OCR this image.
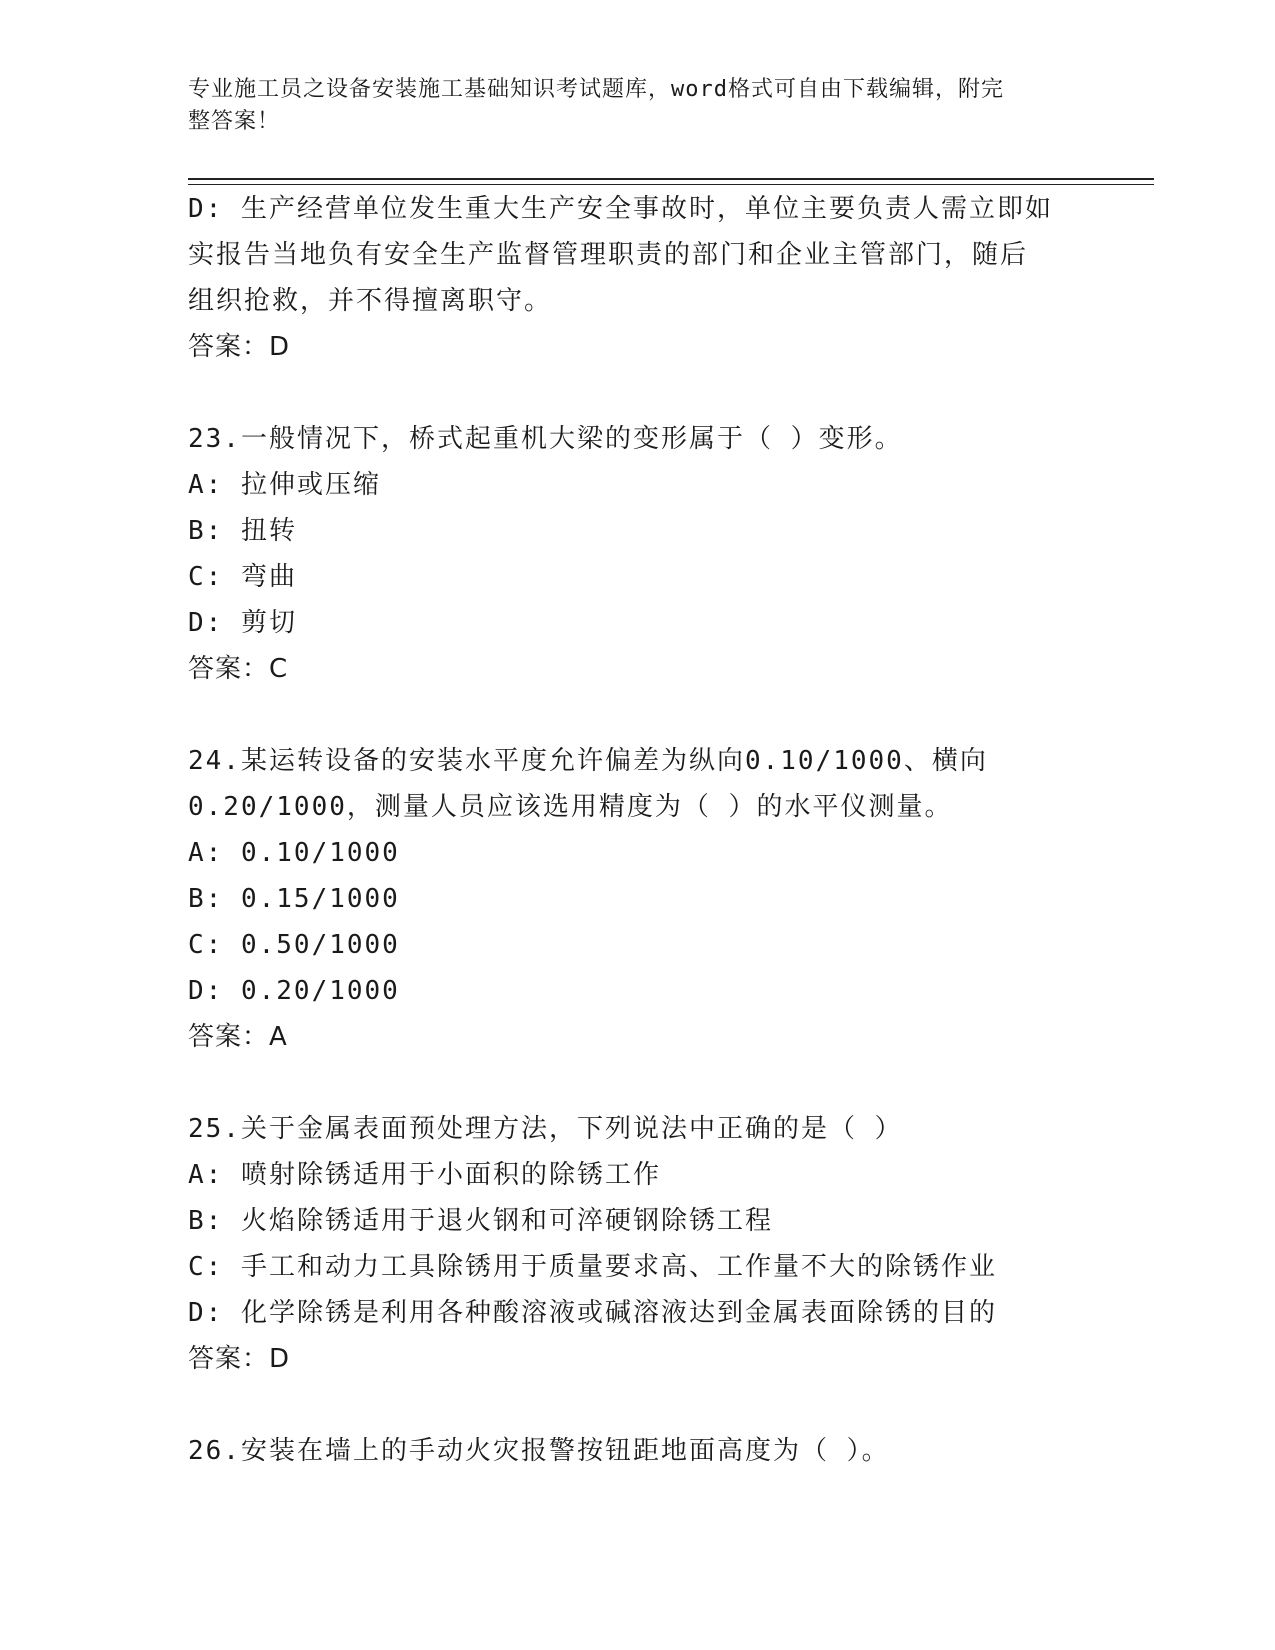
专业施工员之设备安装施工基础知识考试题库，word格式可自由下载编辑，附完
整答案！
D: 生产经营单位发生重大生产安全事故时，单位主要负责人需立即如
实报告当地负有安全生产监督管理职责的部门和企业主管部门，随后
组织抢救，并不得擅离职守。
答案：D
23.一般情况下，桥式起重机大梁的变形属于（ ）变形。
A: 拉伸或压缩
B: 扭转
C: 弯曲
D: 剪切
答案：C
24.某运转设备的安装水平度允许偏差为纵向0.10/1000、横向
0.20/1000，测量人员应该选用精度为（ ）的水平仪测量。
A: 0.10/1000
B: 0.15/1000
C: 0.50/1000
D: 0.20/1000
答案：A
25.关于金属表面预处理方法，下列说法中正确的是（ ）
A: 喷射除锈适用于小面积的除锈工作
B: 火焰除锈适用于退火钢和可淬硬钢除锈工程
C: 手工和动力工具除锈用于质量要求高、工作量不大的除锈作业
D: 化学除锈是利用各种酸溶液或碱溶液达到金属表面除锈的目的
答案：D
26.安装在墙上的手动火灾报警按钮距地面高度为（ ）。
